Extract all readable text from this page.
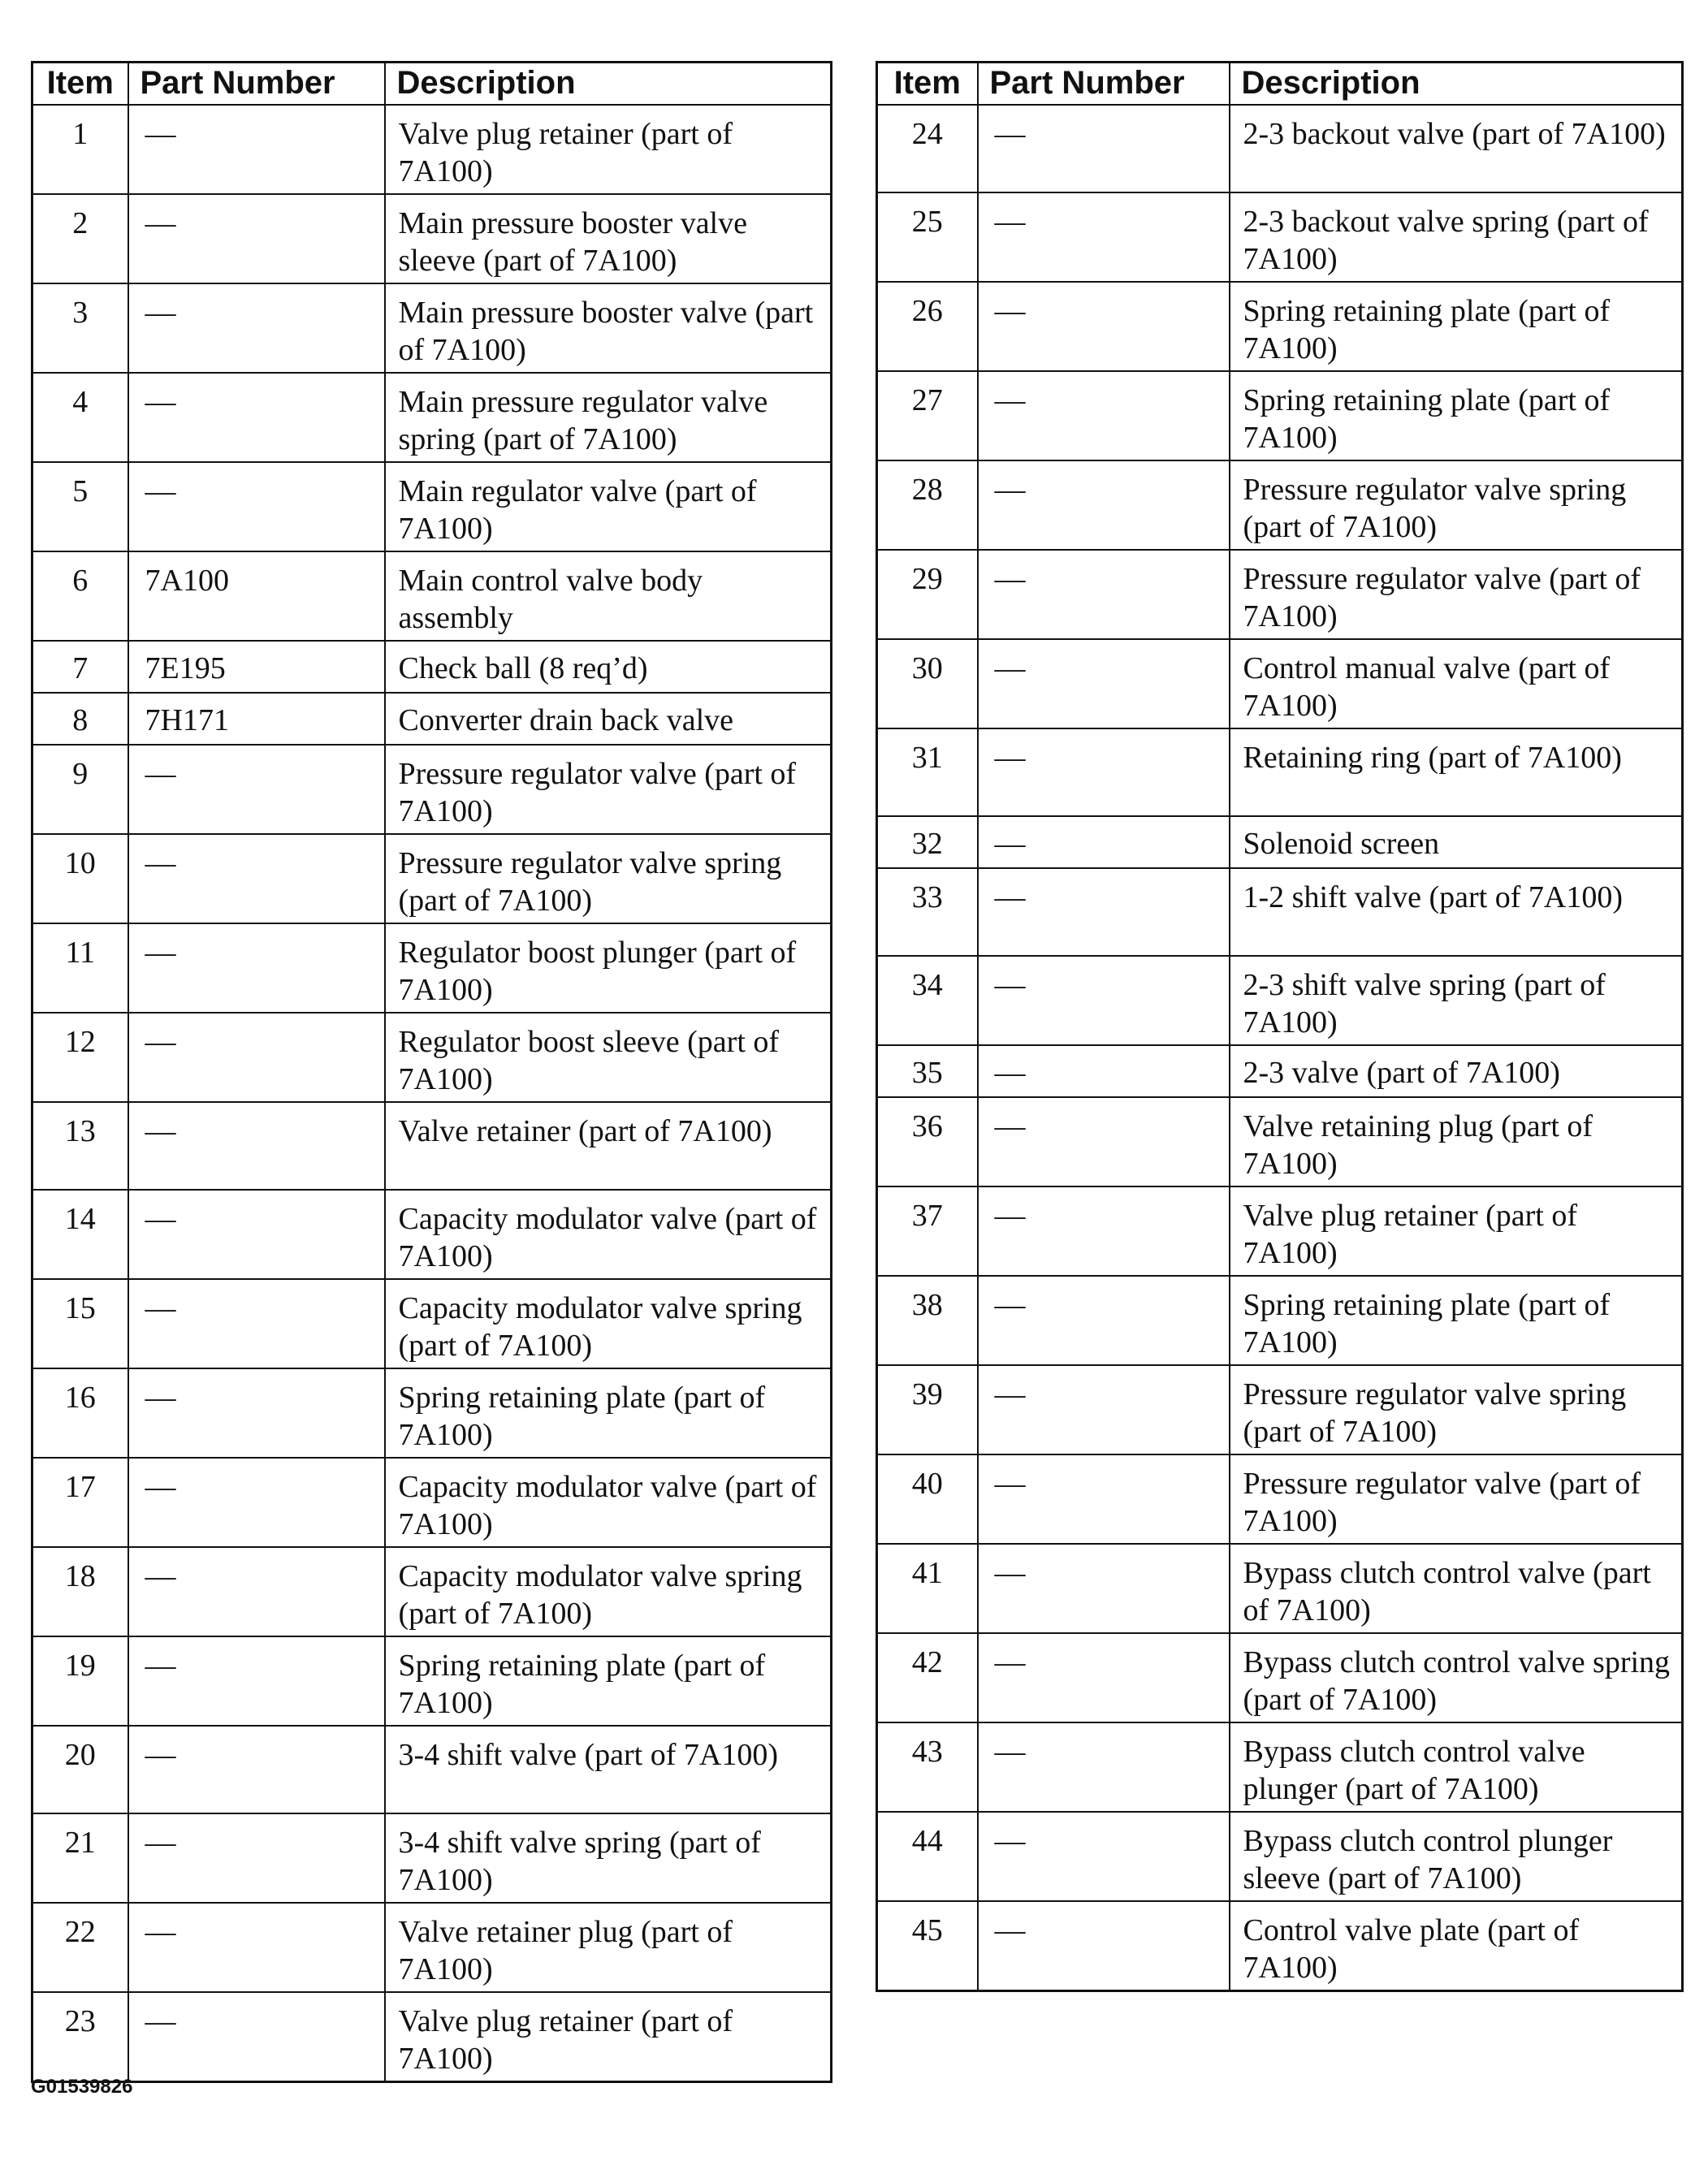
Item	Part Number	Description
1	—	Valve plug retainer (part of 7A100)
2	—	Main pressure booster valve sleeve (part of 7A100)
3	—	Main pressure booster valve (part of 7A100)
4	—	Main pressure regulator valve spring (part of 7A100)
5	—	Main regulator valve (part of 7A100)
6	7A100	Main control valve body assembly
7	7E195	Check ball (8 req’d)
8	7H171	Converter drain back valve
9	—	Pressure regulator valve (part of 7A100)
10	—	Pressure regulator valve spring (part of 7A100)
11	—	Regulator boost plunger (part of 7A100)
12	—	Regulator boost sleeve (part of 7A100)
13	—	Valve retainer (part of 7A100)
14	—	Capacity modulator valve (part of 7A100)
15	—	Capacity modulator valve spring (part of 7A100)
16	—	Spring retaining plate (part of 7A100)
17	—	Capacity modulator valve (part of 7A100)
18	—	Capacity modulator valve spring (part of 7A100)
19	—	Spring retaining plate (part of 7A100)
20	—	3-4 shift valve (part of 7A100)
21	—	3-4 shift valve spring (part of 7A100)
22	—	Valve retainer plug (part of 7A100)
23	—	Valve plug retainer (part of 7A100)
Item	Part Number	Description
24	—	2-3 backout valve (part of 7A100)
25	—	2-3 backout valve spring (part of 7A100)
26	—	Spring retaining plate (part of 7A100)
27	—	Spring retaining plate (part of 7A100)
28	—	Pressure regulator valve spring (part of 7A100)
29	—	Pressure regulator valve (part of 7A100)
30	—	Control manual valve (part of 7A100)
31	—	Retaining ring (part of 7A100)
32	—	Solenoid screen
33	—	1-2 shift valve (part of 7A100)
34	—	2-3 shift valve spring (part of 7A100)
35	—	2-3 valve (part of 7A100)
36	—	Valve retaining plug (part of 7A100)
37	—	Valve plug retainer (part of 7A100)
38	—	Spring retaining plate (part of 7A100)
39	—	Pressure regulator valve spring (part of 7A100)
40	—	Pressure regulator valve (part of 7A100)
41	—	Bypass clutch control valve (part of 7A100)
42	—	Bypass clutch control valve spring (part of 7A100)
43	—	Bypass clutch control valve plunger (part of 7A100)
44	—	Bypass clutch control plunger sleeve (part of 7A100)
45	—	Control valve plate (part of 7A100)
G01539826
